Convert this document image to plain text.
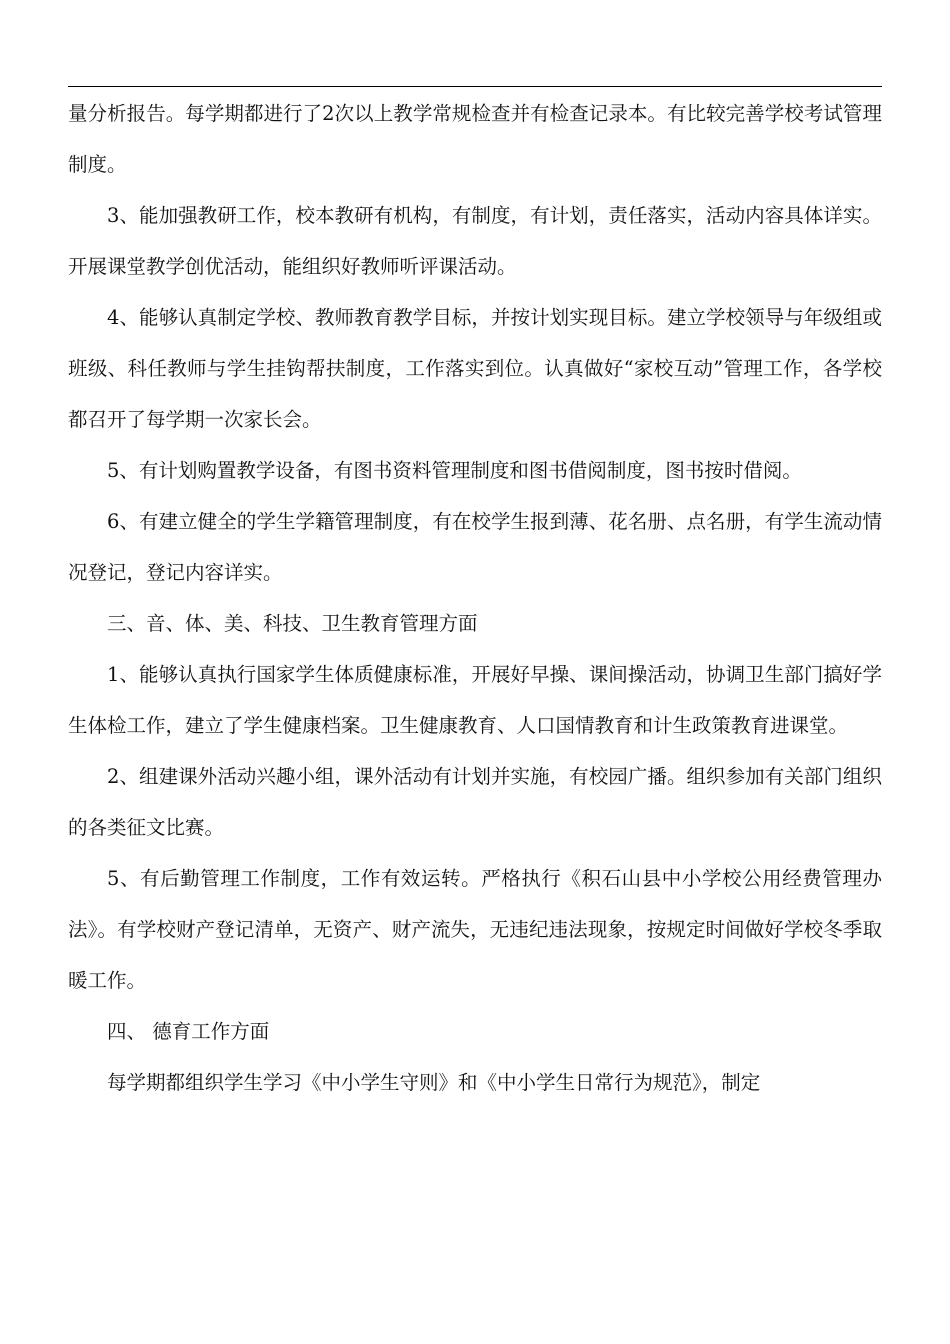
量分析报告。每学期都进行了2次以上教学常规检查并有检查记录本。有比较完善学校考试管理制度。

3、能加强教研工作，校本教研有机构，有制度，有计划，责任落实，活动内容具体详实。开展课堂教学创优活动，能组织好教师听评课活动。

4、能够认真制定学校、教师教育教学目标，并按计划实现目标。建立学校领导与年级组或班级、科任教师与学生挂钩帮扶制度，工作落实到位。认真做好“家校互动”管理工作，各学校都召开了每学期一次家长会。

5、有计划购置教学设备，有图书资料管理制度和图书借阅制度，图书按时借阅。

6、有建立健全的学生学籍管理制度，有在校学生报到薄、花名册、点名册，有学生流动情况登记，登记内容详实。

三、音、体、美、科技、卫生教育管理方面

1、能够认真执行国家学生体质健康标准，开展好早操、课间操活动，协调卫生部门搞好学生体检工作，建立了学生健康档案。卫生健康教育、人口国情教育和计生政策教育进课堂。

2、组建课外活动兴趣小组，课外活动有计划并实施，有校园广播。组织参加有关部门组织的各类征文比赛。

5、有后勤管理工作制度，工作有效运转。严格执行《积石山县中小学校公用经费管理办法》。有学校财产登记清单，无资产、财产流失，无违纪违法现象，按规定时间做好学校冬季取暖工作。

四、 德育工作方面

每学期都组织学生学习《中小学生守则》和《中小学生日常行为规范》，制定
